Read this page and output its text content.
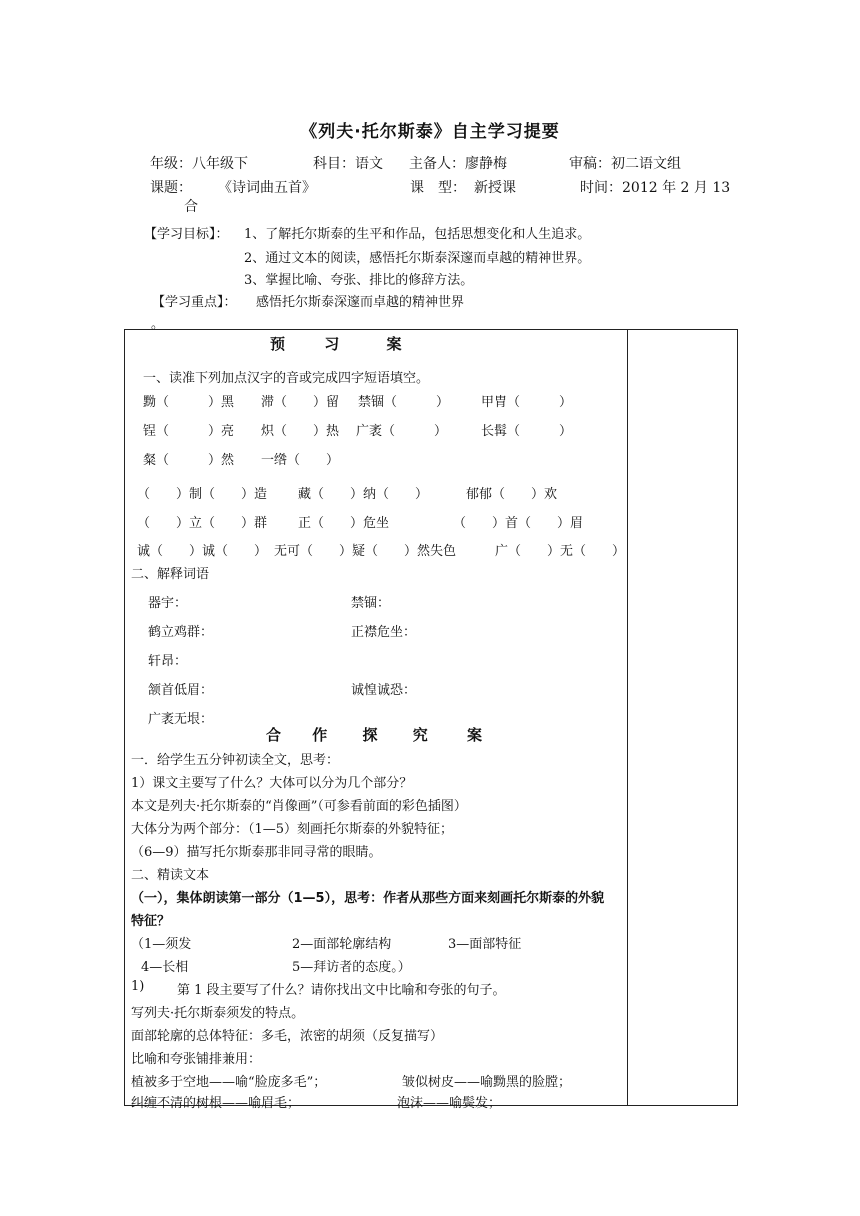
《列夫·托尔斯泰》自主学习提要
年级：八年级下	科目：语文 主备人：廖静梅	审稿：初二语文组
课题： 《诗词曲五首》	课　型： 新授课	时间：2012 年 2 月 13
合
【学习目标】： 1、了解托尔斯泰的生平和作品，包括思想变化和人生追求。
2、通过文本的阅读，感悟托尔斯泰深邃而卓越的精神世界。
3、掌握比喻、夸张、排比的修辞方法。
【学习重点】： 感悟托尔斯泰深邃而卓越的精神世界
。
预	习	案
一、读准下列加点汉字的音或完成四字短语填空。
黝（　　　）黑 滞（　　）留 禁锢（　　　） 甲胄（　　　）
锃（　　　）亮 炽（　　）热 广袤（　　　）	长髯（　　　）
粲（　　　）然 一绺（　　）
（　　）制（　　）造 藏（　　）纳（　　）	郁郁（　　）欢
（　　）立（　　）群 正（　　）危坐	（　　）首（　　）眉
诚（　　）诚（　　） 无可（　　）疑（　　）然失色	广（　　）无（　　）
二、解释词语
器宇：	禁锢：
鹤立鸡群：	正襟危坐：
轩昂：
颔首低眉：	诚惶诚恐：
广袤无垠：
合 作 探 究	案
一．给学生五分钟初读全文，思考：
1）课文主要写了什么？大体可以分为几个部分？
本文是列夫·托尔斯泰的“肖像画”（可参看前面的彩色插图）
大体分为两个部分：（1—5）刻画托尔斯泰的外貌特征；
（6—9）描写托尔斯泰那非同寻常的眼睛。
二、精读文本
（一），集体朗读第一部分（1—5），思考：作者从那些方面来刻画托尔斯泰的外貌
特征？
（1—须发	2—面部轮廓结构	3—面部特征
4—长相	5—拜访者的态度。）
1)	第 1 段主要写了什么？请你找出文中比喻和夸张的句子。
写列夫·托尔斯泰须发的特点。
面部轮廓的总体特征：多毛，浓密的胡须（反复描写）
比喻和夸张铺排兼用：
植被多于空地——喻“脸庞多毛”；	皱似树皮——喻黝黑的脸膛；
纠缠不清的树根——喻眉毛；	泡沫——喻鬓发；
